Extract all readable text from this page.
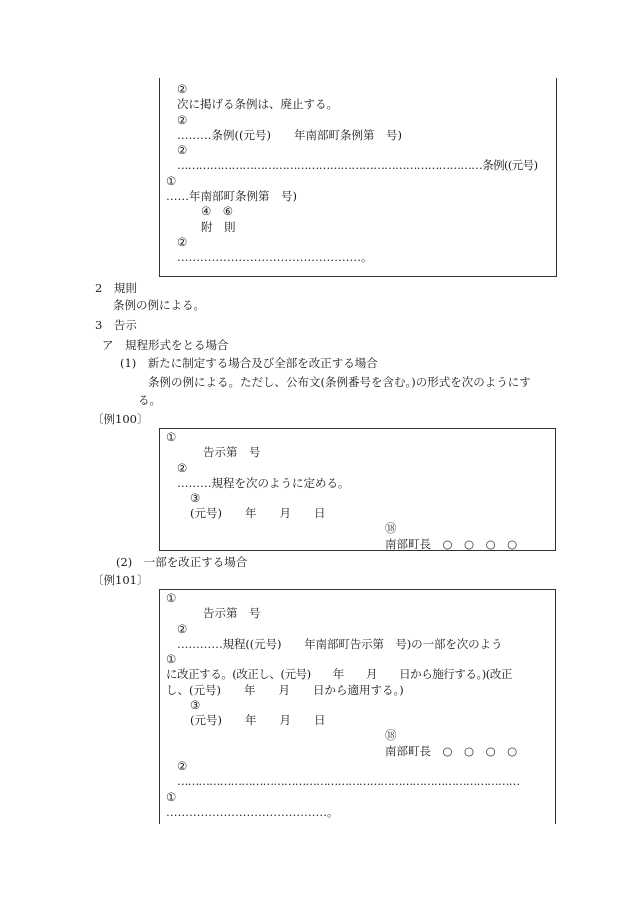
②
次に掲げる条例は、廃止する。
②
………条例((元号)　　年南部町条例第　号)
②
…………………………………………………………………………条例((元号)
①
……年南部町条例第　号)
④　⑥
附　則
②
…………………………………………。
2　規則
条例の例による。
3　告示
ア　規程形式をとる場合
(1)　新たに制定する場合及び全部を改正する場合
条例の例による。ただし、公布文(条例番号を含む。)の形式を次のようにす
る。
〔例100〕
①
告示第　号
②
………規程を次のように定める。
③
(元号)　　年　　月　　日
⑱
南部町長　○　○　○　○
(2)　一部を改正する場合
〔例101〕
①
告示第　号
②
…………規程((元号)　　年南部町告示第　号)の一部を次のよう
①
に改正する。(改正し、(元号)　　年　　月　　日から施行する。)(改正
し、(元号)　　年　　月　　日から適用する。)
③
(元号)　　年　　月　　日
⑱
南部町長　○　○　○　○
②
……………………………………………………………………………………
①
……………………………………。
